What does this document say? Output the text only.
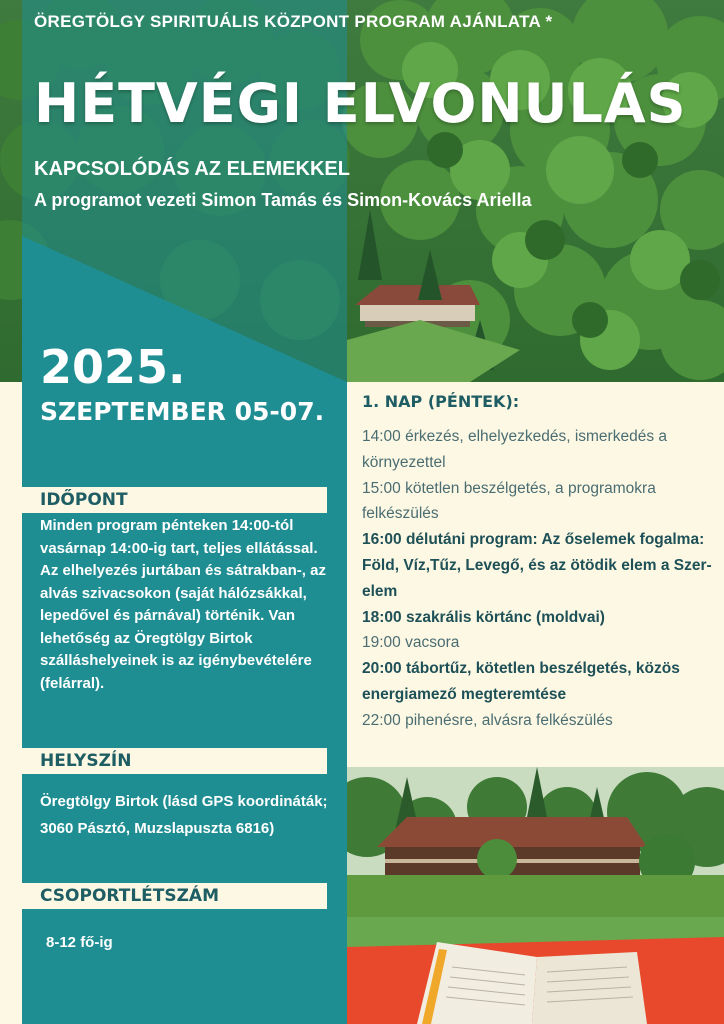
ÖREGTÖLGY SPIRITUÁLIS KÖZPONT PROGRAM AJÁNLATA *
HÉTVÉGI ELVONULÁS
KAPCSOLÓDÁS AZ ELEMEKKEL
A programot vezeti Simon Tamás és Simon-Kovács Ariella
2025.
SZEPTEMBER 05-07.
IDŐPONT
Minden program pénteken 14:00-tól vasárnap 14:00-ig tart, teljes ellátással. Az elhelyezés jurtában és sátrakban-, az alvás szivacsokon (saját hálózsákkal, lepedővel és párnával) történik. Van lehetőség az Öregtölgy Birtok szálláshelyeinek is az igénybevételére (felárral).
HELYSZÍN
Öregtölgy Birtok (lásd GPS koordináták; 3060 Pásztó, Muzslapuszta 6816)
CSOPORTLÉTSZÁM
8-12 fő-ig
1. NAP (PÉNTEK):

14:00 érkezés, elhelyezkedés, ismerkedés a környezettel

15:00 kötetlen beszélgetés, a programokra felkészülés

16:00 délutáni program: Az őselemek fogalma: Föld, Víz,Tűz, Levegő, és az ötödik elem a Szer-elem

18:00 szakrális körtánc (moldvai)

19:00 vacsora

20:00 tábortűz, kötetlen beszélgetés, közös energiamező megteremtése

22:00 pihenésre, alvásra felkészülés
